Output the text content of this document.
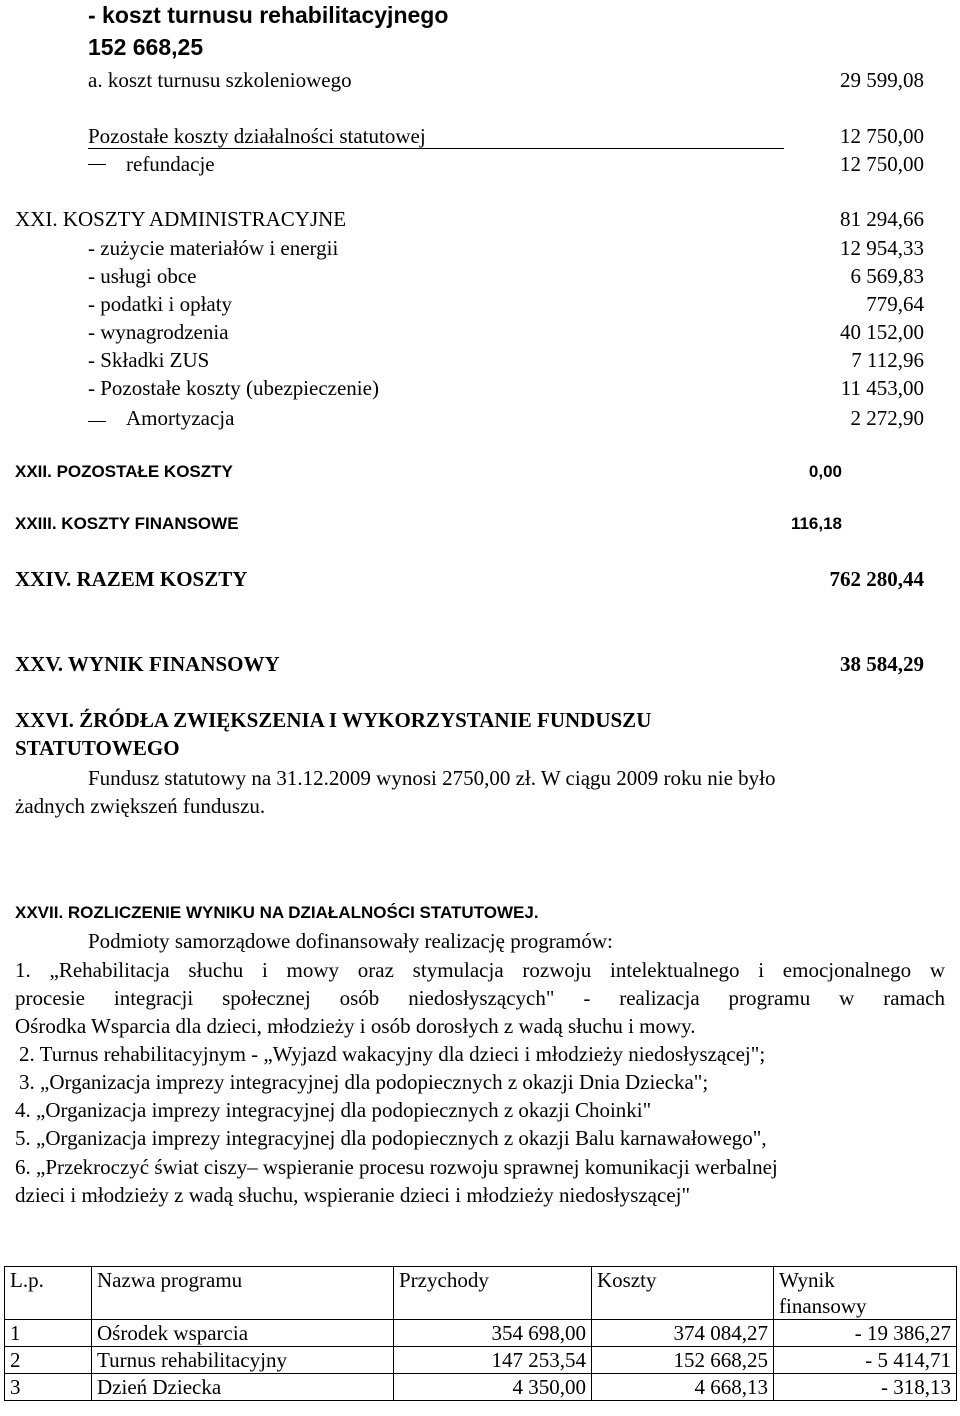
- koszt turnusu rehabilitacyjnego
152 668,25
a. koszt turnusu szkoleniowego	29 599,08
Pozostałe koszty działalności statutowej	12 750,00
refundacje	12 750,00
XXI. KOSZTY ADMINISTRACYJNE	81 294,66
- zużycie materiałów i energii	12 954,33
- usługi obce	6 569,83
- podatki i opłaty	779,64
- wynagrodzenia	40 152,00
- Składki ZUS	7 112,96
- Pozostałe koszty (ubezpieczenie)	11 453,00
Amortyzacja	2 272,90
XXII. POZOSTAŁE KOSZTY	0,00
XXIII. KOSZTY FINANSOWE	116,18
XXIV. RAZEM KOSZTY	762 280,44
XXV. WYNIK FINANSOWY	38 584,29
XXVI. ŹRÓDŁA ZWIĘKSZENIA I WYKORZYSTANIE FUNDUSZU
STATUTOWEGO
Fundusz statutowy na 31.12.2009 wynosi 2750,00 zł. W ciągu 2009 roku nie było
żadnych zwiększeń funduszu.
XXVII. ROZLICZENIE WYNIKU NA DZIAŁALNOŚCI STATUTOWEJ.
Podmioty samorządowe dofinansowały realizację programów:
1. „Rehabilitacja słuchu i mowy oraz stymulacja rozwoju intelektualnego i emocjonalnego w
procesie integracji społecznej osób niedosłyszących" - realizacja programu w ramach
Ośrodka Wsparcia dla dzieci, młodzieży i osób dorosłych z wadą słuchu i mowy.
2. Turnus rehabilitacyjnym - „Wyjazd wakacyjny dla dzieci i młodzieży niedosłyszącej";
3. „Organizacja imprezy integracyjnej dla podopiecznych z okazji Dnia Dziecka";
4. „Organizacja imprezy integracyjnej dla podopiecznych z okazji Choinki"
5. „Organizacja imprezy integracyjnej dla podopiecznych z okazji Balu karnawałowego",
6. „Przekroczyć świat ciszy– wspieranie procesu rozwoju sprawnej komunikacji werbalnej
dzieci i młodzieży z wadą słuchu, wspieranie dzieci i młodzieży niedosłyszącej"
L.p.	Nazwa programu	Przychody	Koszty	Wynik
finansowy
1	Ośrodek wsparcia	354 698,00	374 084,27	- 19 386,27
2	Turnus rehabilitacyjny	147 253,54	152 668,25	- 5 414,71
3	Dzień Dziecka	4 350,00	4 668,13	- 318,13
